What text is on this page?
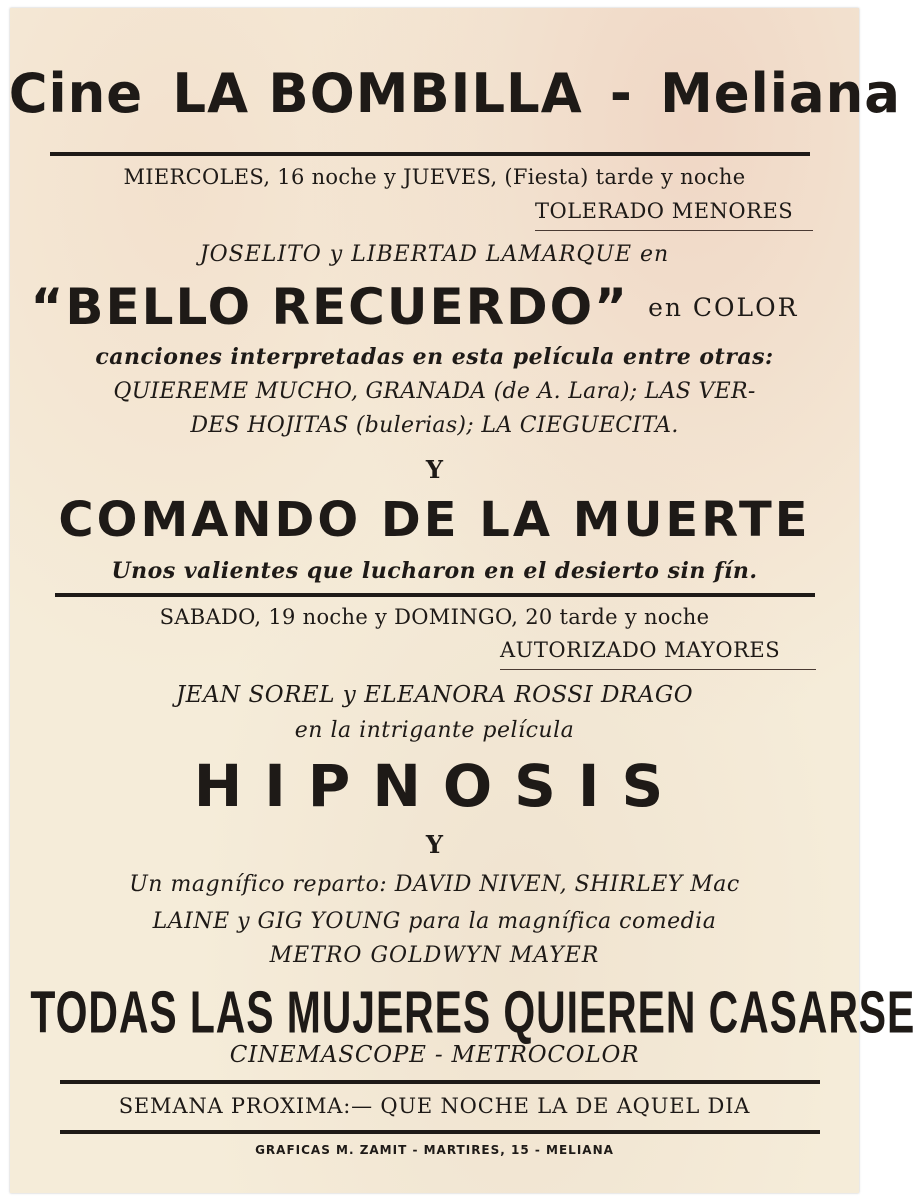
Cine LA BOMBILLA - Meliana
MIERCOLES, 16 noche y JUEVES, (Fiesta) tarde y noche
TOLERADO MENORES
JOSELITO y LIBERTAD LAMARQUE en
“BELLO RECUERDO” en COLOR
canciones interpretadas en esta película entre otras:
QUIEREME MUCHO, GRANADA (de A. Lara); LAS VER-
DES HOJITAS (bulerias); LA CIEGUECITA.
Y
COMANDO DE LA MUERTE
Unos valientes que lucharon en el desierto sin fín.
SABADO, 19 noche y DOMINGO, 20 tarde y noche
AUTORIZADO MAYORES
JEAN SOREL y ELEANORA ROSSI DRAGO
en la intrigante película
HIPNOSIS
Y
Un magnífico reparto: DAVID NIVEN, SHIRLEY Mac
LAINE y GIG YOUNG para la magnífica comedia
METRO GOLDWYN MAYER
TODAS LAS MUJERES QUIEREN CASARSE
CINEMASCOPE - METROCOLOR
SEMANA PROXIMA:— QUE NOCHE LA DE AQUEL DIA
GRAFICAS M. ZAMIT - MARTIRES, 15 - MELIANA
